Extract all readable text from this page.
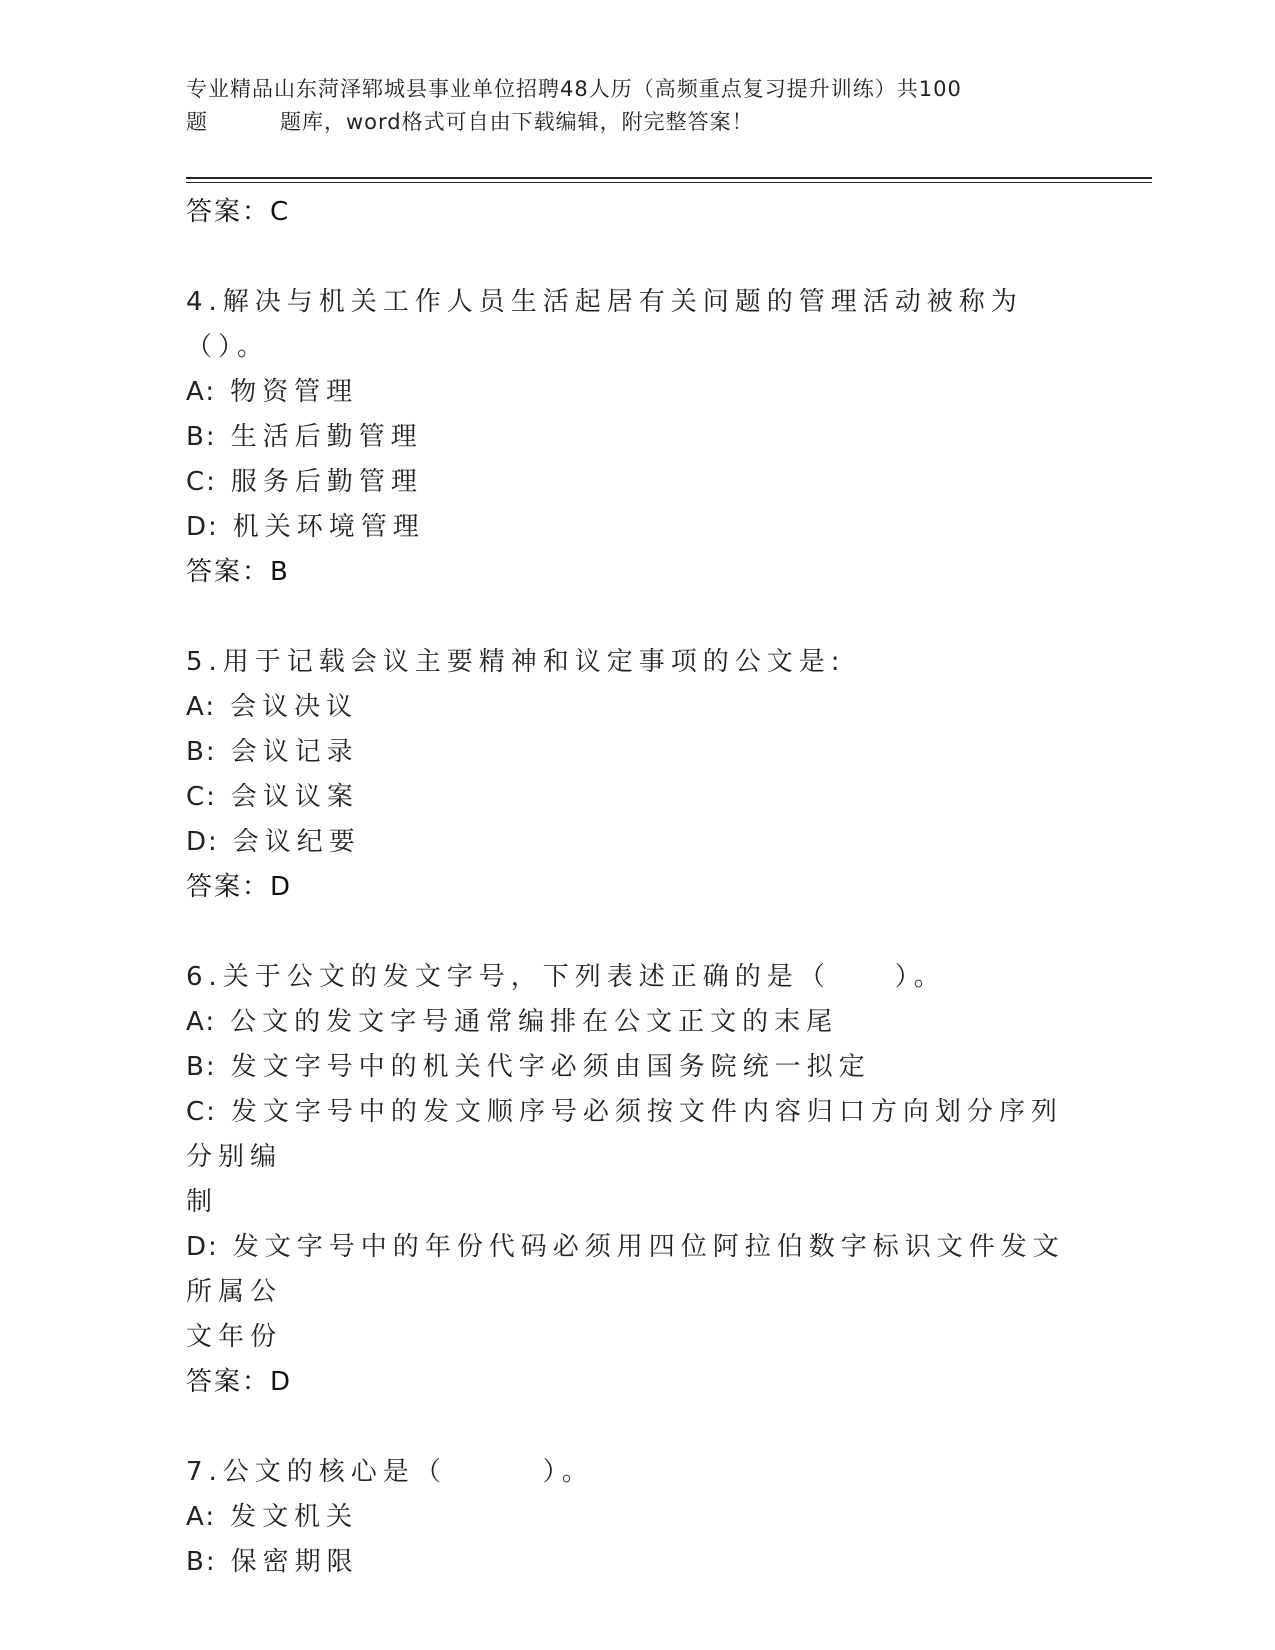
专业精品山东菏泽郓城县事业单位招聘48人历（高频重点复习提升训练）共100
题	题库，word格式可自由下载编辑，附完整答案！

答案：C

4.解决与机关工作人员生活起居有关问题的管理活动被称为（）。

A: 物资管理

B: 生活后勤管理

C: 服务后勤管理

D: 机关环境管理

答案：B

5.用于记载会议主要精神和议定事项的公文是:

A: 会议决议

B: 会议记录

C: 会议议案

D: 会议纪要

答案：D

6.关于公文的发文字号，下列表述正确的是（　　）。

A: 公文的发文字号通常编排在公文正文的末尾

B: 发文字号中的机关代字必须由国务院统一拟定

C: 发文字号中的发文顺序号必须按文件内容归口方向划分序列分别编

制

D: 发文字号中的年份代码必须用四位阿拉伯数字标识文件发文所属公

文年份

答案：D

7.公文的核心是（　　　）。

A: 发文机关

B: 保密期限
